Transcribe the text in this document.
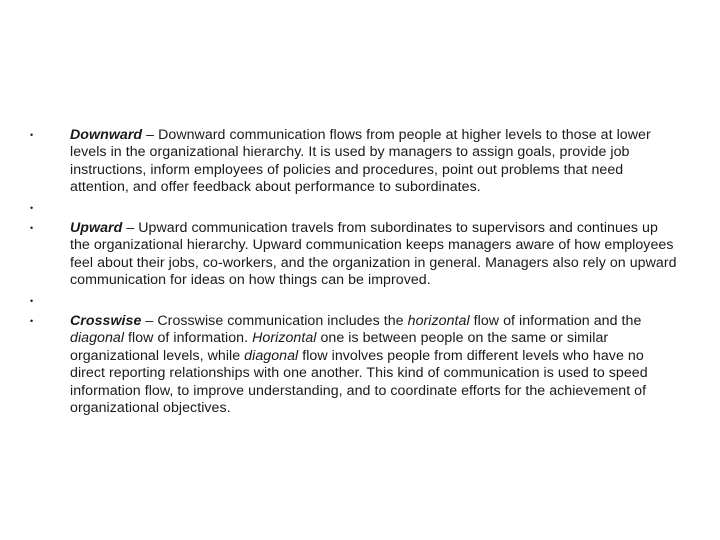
•	Downward – Downward communication flows from people at higher levels to those at lower levels in the organizational hierarchy. It is used by managers to assign goals, provide job instructions, inform employees of policies and procedures, point out problems that need attention, and offer feedback about performance to subordinates.
•
•	Upward – Upward communication travels from subordinates to supervisors and continues up the organizational hierarchy. Upward communication keeps managers aware of how employees feel about their jobs, co-workers, and the organization in general. Managers also rely on upward communication for ideas on how things can be improved.
•
•	Crosswise – Crosswise communication includes the horizontal flow of information and the diagonal flow of information. Horizontal one is between people on the same or similar organizational levels, while diagonal flow involves people from different levels who have no direct reporting relationships with one another. This kind of communication is used to speed information flow, to improve understanding, and to coordinate efforts for the achievement of organizational objectives.
